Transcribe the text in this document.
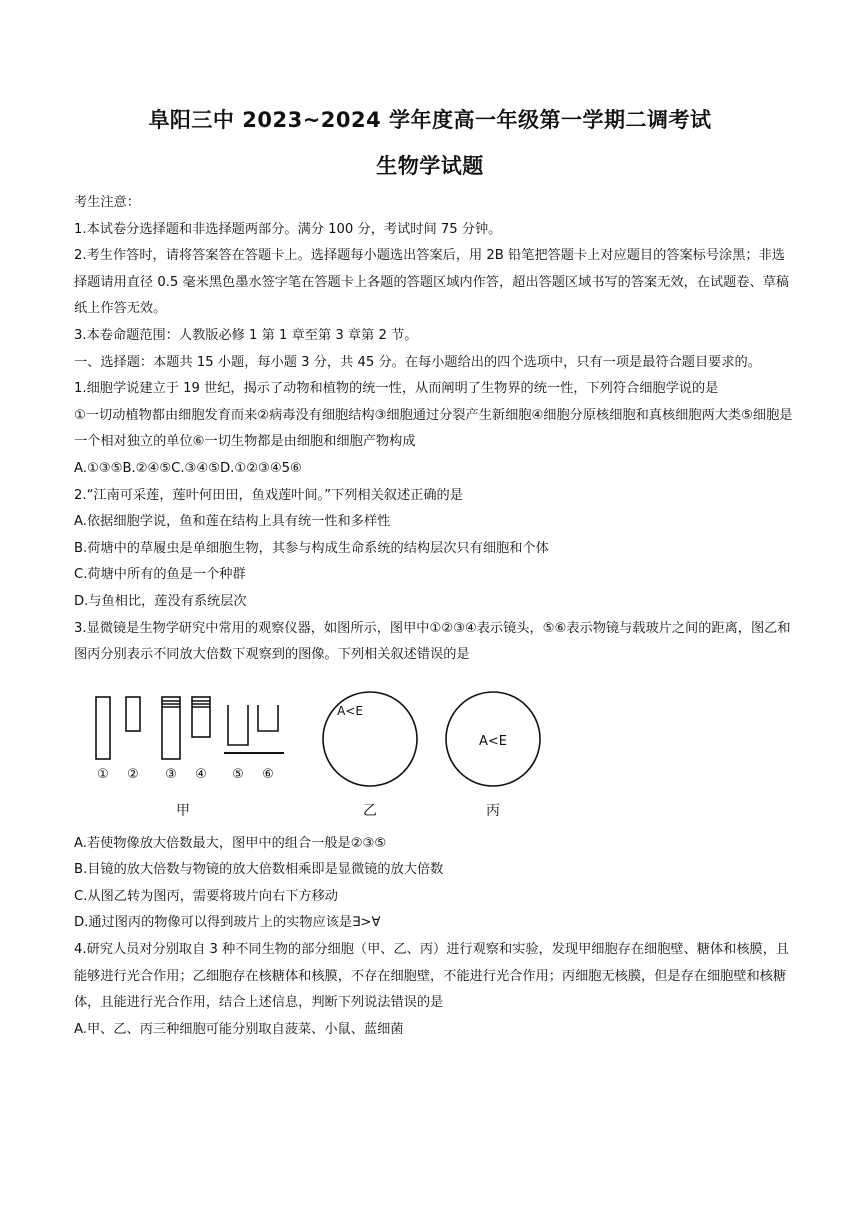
阜阳三中 2023~2024 学年度高一年级第一学期二调考试
生物学试题

考生注意：

1.本试卷分选择题和非选择题两部分。满分 100 分，考试时间 75 分钟。

2.考生作答时，请将答案答在答题卡上。选择题每小题选出答案后，用 2B 铅笔把答题卡上对应题目的答案标号涂黑；非选择题请用直径 0.5 毫米黑色墨水签字笔在答题卡上各题的答题区域内作答，超出答题区域书写的答案无效，在试题卷、草稿纸上作答无效。

3.本卷命题范围：人教版必修 1 第 1 章至第 3 章第 2 节。

一、选择题：本题共 15 小题，每小题 3 分，共 45 分。在每小题给出的四个选项中，只有一项是最符合题目要求的。

1.细胞学说建立于 19 世纪，揭示了动物和植物的统一性，从而阐明了生物界的统一性，下列符合细胞学说的是

①一切动植物都由细胞发育而来②病毒没有细胞结构③细胞通过分裂产生新细胞④细胞分原核细胞和真核细胞两大类⑤细胞是一个相对独立的单位⑥一切生物都是由细胞和细胞产物构成

A.①③⑤B.②④⑤C.③④⑤D.①②③④5⑥

2.“江南可采莲，莲叶何田田，鱼戏莲叶间。”下列相关叙述正确的是

A.依据细胞学说，鱼和莲在结构上具有统一性和多样性

B.荷塘中的草履虫是单细胞生物，其参与构成生命系统的结构层次只有细胞和个体

C.荷塘中所有的鱼是一个种群

D.与鱼相比，莲没有系统层次

3.显微镜是生物学研究中常用的观察仪器，如图所示，图甲中①②③④表示镜头，⑤⑥表示物镜与载玻片之间的距离，图乙和图丙分别表示不同放大倍数下观察到的图像。下列相关叙述错误的是

① ② ③ ④ ⑤ ⑥
甲	乙	丙
A<E
A<E

A.若使物像放大倍数最大，图甲中的组合一般是②③⑤

B.目镜的放大倍数与物镜的放大倍数相乘即是显微镜的放大倍数

C.从图乙转为图丙，需要将玻片向右下方移动

D.通过图丙的物像可以得到玻片上的实物应该是∃>∀

4.研究人员对分别取自 3 种不同生物的部分细胞（甲、乙、丙）进行观察和实验，发现甲细胞存在细胞壁、糖体和核膜，且能够进行光合作用；乙细胞存在核糖体和核膜，不存在细胞壁，不能进行光合作用；丙细胞无核膜，但是存在细胞壁和核糖体，且能进行光合作用，结合上述信息，判断下列说法错误的是

A.甲、乙、丙三种细胞可能分别取自菠菜、小鼠、蓝细菌
